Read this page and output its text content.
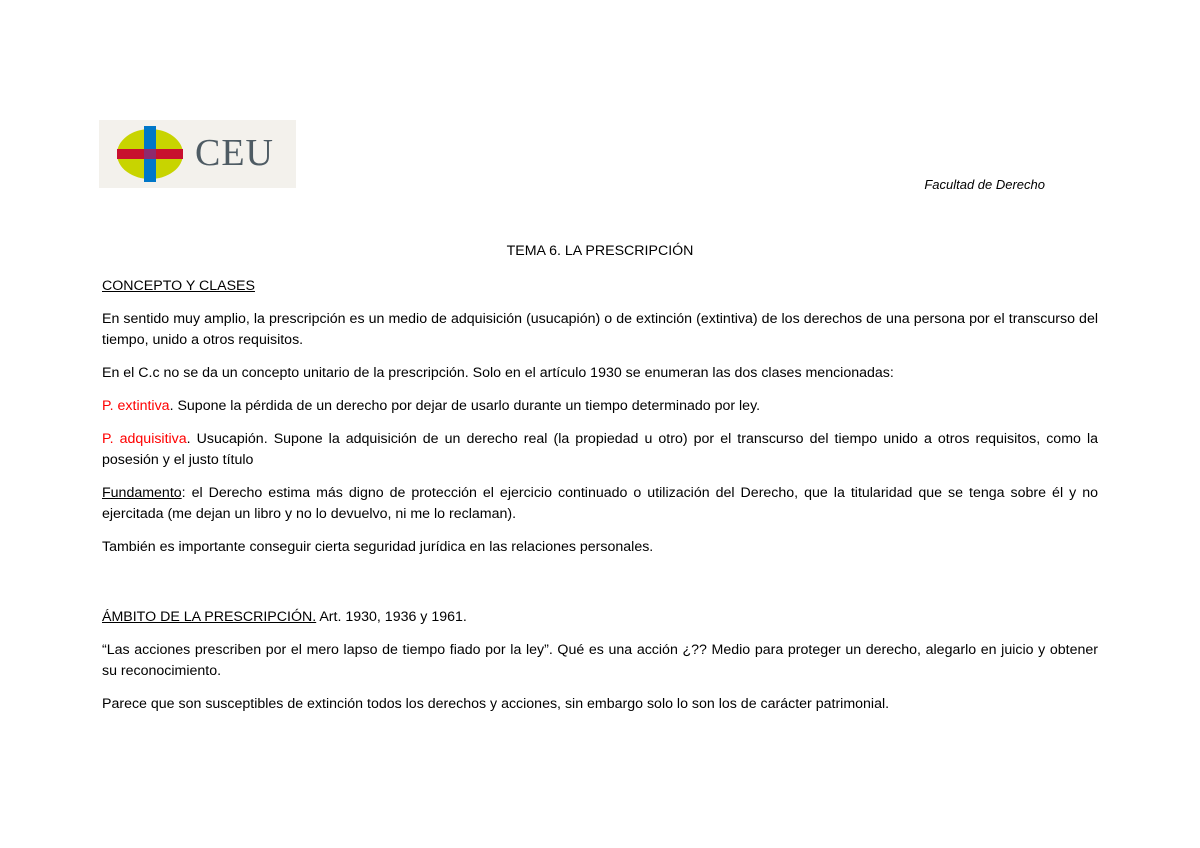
CEU
Facultad de Derecho

TEMA 6. LA PRESCRIPCIÓN

CONCEPTO Y CLASES

En sentido muy amplio, la prescripción es un medio de adquisición (usucapión) o de extinción (extintiva) de los derechos de una persona por el transcurso del tiempo, unido a otros requisitos.

En el C.c no se da un concepto unitario de la prescripción. Solo en el artículo 1930 se enumeran las dos clases mencionadas:

P. extintiva. Supone la pérdida de un derecho por dejar de usarlo durante un tiempo determinado por ley.

P. adquisitiva. Usucapión. Supone la adquisición de un derecho real (la propiedad u otro) por el transcurso del tiempo unido a otros requisitos, como la posesión y el justo título

Fundamento: el Derecho estima más digno de protección el ejercicio continuado o utilización del Derecho, que la titularidad que se tenga sobre él y no ejercitada (me dejan un libro y no lo devuelvo, ni me lo reclaman).

También es importante conseguir cierta seguridad jurídica en las relaciones personales.

ÁMBITO DE LA PRESCRIPCIÓN. Art. 1930, 1936 y 1961.

“Las acciones prescriben por el mero lapso de tiempo fiado por la ley”. Qué es una acción ¿?? Medio para proteger un derecho, alegarlo en juicio y obtener su reconocimiento.

Parece que son susceptibles de extinción todos los derechos y acciones, sin embargo solo lo son los de carácter patrimonial.
